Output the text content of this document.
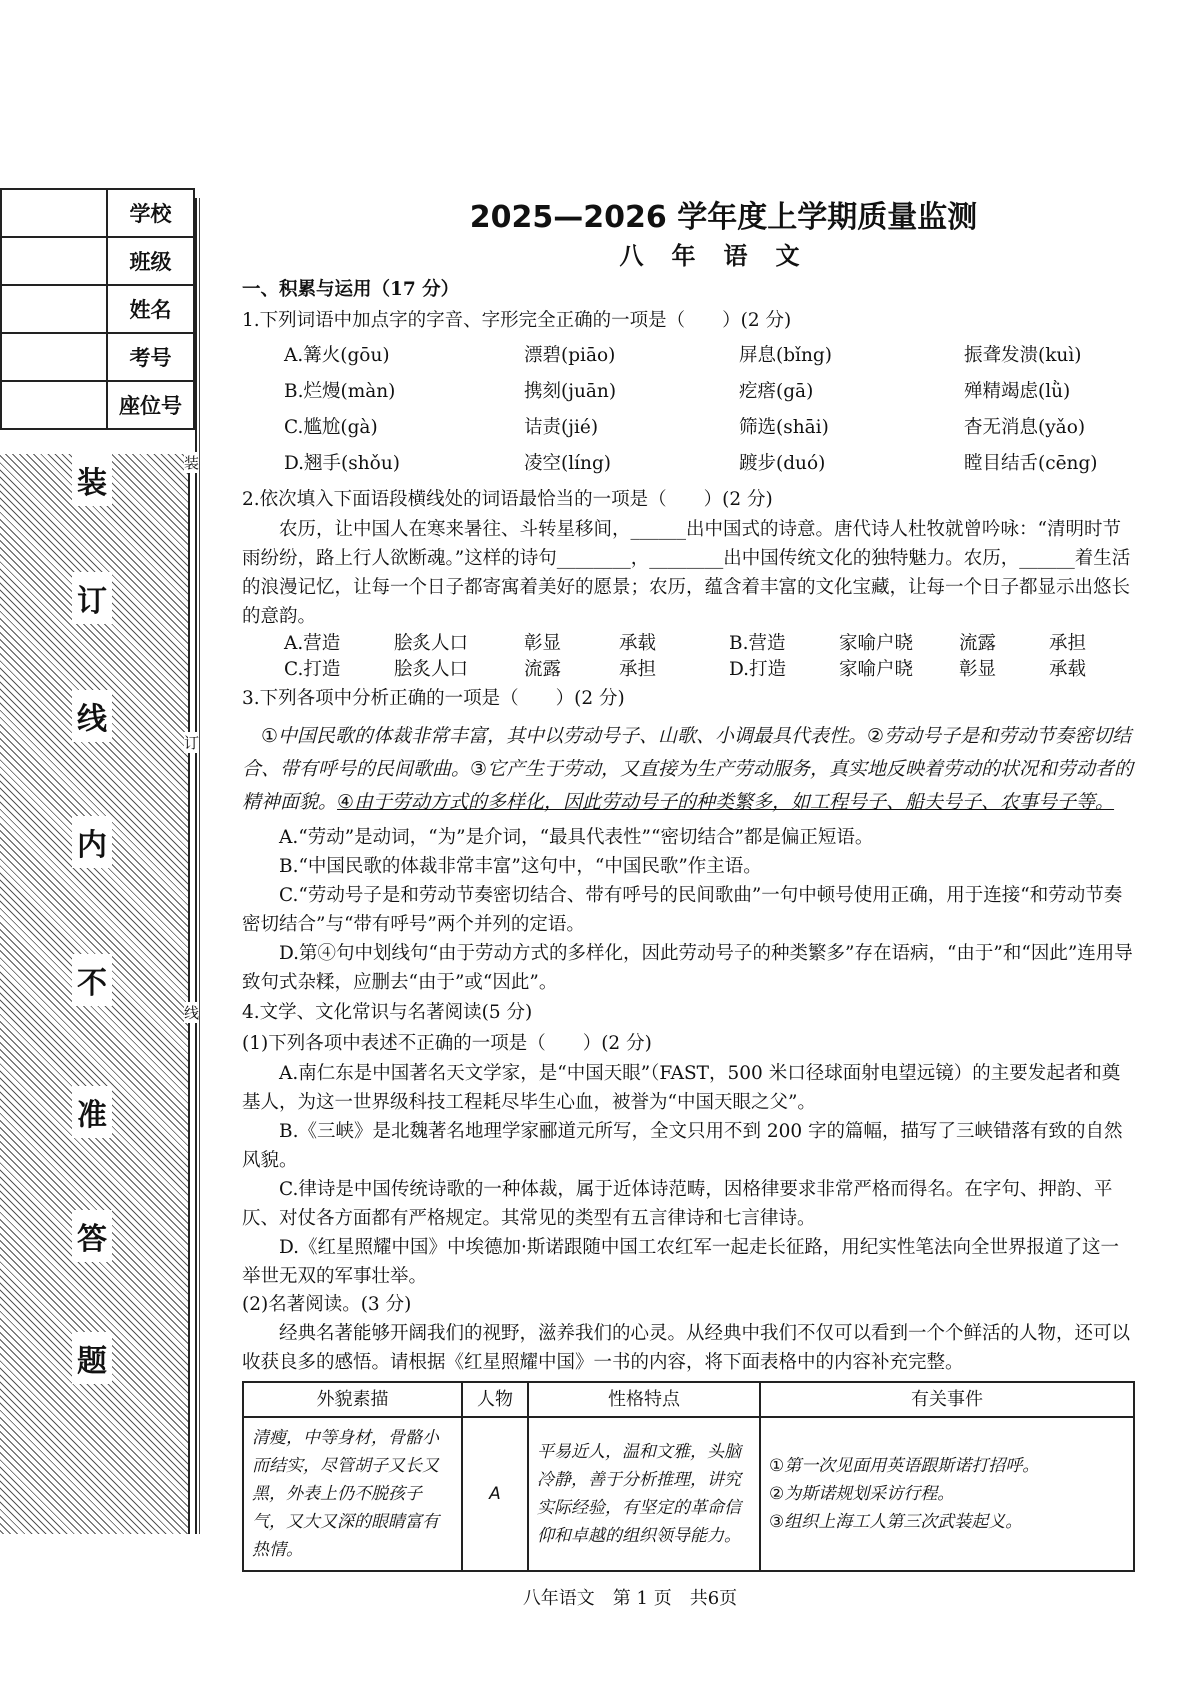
	学校
	班级
	姓名
	考号
	座位号
装
订
线
内
不
准
答
题
装
订
线
2025—2026 学年度上学期质量监测
八年语文
一、积累与运用（17 分）

1.下列词语中加点字的字音、字形完全正确的一项是（　　）(2 分)

A.篝火(gōu)	漂碧(piāo)	屏息(bǐng)	振聋发溃(kuì)
B.烂熳(màn)	携刻(juān)	疙瘩(gā)	殚精竭虑(lǜ)
C.尴尬(gà)	诘责(jié)	筛选(shāi)	杳无消息(yǎo)
D.翘手(shǒu)	凌空(líng)	踱步(duó)	瞠目结舌(cēng)

2.依次填入下面语段横线处的词语最恰当的一项是（　　）(2 分)

农历，让中国人在寒来暑往、斗转星移间，______出中国式的诗意。唐代诗人杜牧就曾吟咏：“清明时节雨纷纷，路上行人欲断魂。”这样的诗句________，________出中国传统文化的独特魅力。农历，______着生活的浪漫记忆，让每一个日子都寄寓着美好的愿景；农历，蕴含着丰富的文化宝藏，让每一个日子都显示出悠长的意韵。

A.营造	脍炙人口	彰显	承载	B.营造	家喻户晓	流露	承担
C.打造	脍炙人口	流露	承担	D.打造	家喻户晓	彰显	承载

3.下列各项中分析正确的一项是（　　）(2 分)

①中国民歌的体裁非常丰富，其中以劳动号子、山歌、小调最具代表性。②劳动号子是和劳动节奏密切结合、带有呼号的民间歌曲。③它产生于劳动，又直接为生产劳动服务，真实地反映着劳动的状况和劳动者的精神面貌。④由于劳动方式的多样化，因此劳动号子的种类繁多，如工程号子、船夫号子、农事号子等。

A.“劳动”是动词，“为”是介词，“最具代表性”“密切结合”都是偏正短语。

B.“中国民歌的体裁非常丰富”这句中，“中国民歌”作主语。

C.“劳动号子是和劳动节奏密切结合、带有呼号的民间歌曲”一句中顿号使用正确，用于连接“和劳动节奏密切结合”与“带有呼号”两个并列的定语。

D.第④句中划线句“由于劳动方式的多样化，因此劳动号子的种类繁多”存在语病，“由于”和“因此”连用导致句式杂糅，应删去“由于”或“因此”。

4.文学、文化常识与名著阅读(5 分)

(1)下列各项中表述不正确的一项是（　　）(2 分)

A.南仁东是中国著名天文学家，是“中国天眼”（FAST，500 米口径球面射电望远镜）的主要发起者和奠基人，为这一世界级科技工程耗尽毕生心血，被誉为“中国天眼之父”。

B.《三峡》是北魏著名地理学家郦道元所写，全文只用不到 200 字的篇幅，描写了三峡错落有致的自然风貌。

C.律诗是中国传统诗歌的一种体裁，属于近体诗范畴，因格律要求非常严格而得名。在字句、押韵、平仄、对仗各方面都有严格规定。其常见的类型有五言律诗和七言律诗。

D.《红星照耀中国》中埃德加·斯诺跟随中国工农红军一起走长征路，用纪实性笔法向全世界报道了这一举世无双的军事壮举。

(2)名著阅读。(3 分)

经典名著能够开阔我们的视野，滋养我们的心灵。从经典中我们不仅可以看到一个个鲜活的人物，还可以收获良多的感悟。请根据《红星照耀中国》一书的内容，将下面表格中的内容补充完整。

外貌素描	人物	性格特点	有关事件
清瘦，中等身材，骨骼小而结实，尽管胡子又长又黑，外表上仍不脱孩子气，又大又深的眼睛富有热情。	A	平易近人，温和文雅，头脑冷静，善于分析推理，讲究实际经验，有坚定的革命信仰和卓越的组织领导能力。	①第一次见面用英语跟斯诺打招呼。
②为斯诺规划采访行程。
③组织上海工人第三次武装起义。
八年语文　第 1 页　共6页
